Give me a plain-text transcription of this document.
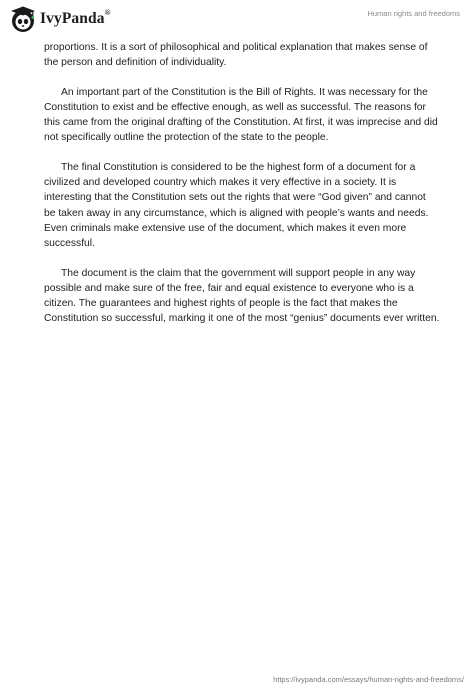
IvyPanda®	Human rights and freedoms

proportions. It is a sort of philosophical and political explanation that makes sense of the person and definition of individuality.

An important part of the Constitution is the Bill of Rights. It was necessary for the Constitution to exist and be effective enough, as well as successful. The reasons for this came from the original drafting of the Constitution. At first, it was imprecise and did not specifically outline the protection of the state to the people.

The final Constitution is considered to be the highest form of a document for a civilized and developed country which makes it very effective in a society. It is interesting that the Constitution sets out the rights that were “God given” and cannot be taken away in any circumstance, which is aligned with people’s wants and needs. Even criminals make extensive use of the document, which makes it even more successful.

The document is the claim that the government will support people in any way possible and make sure of the free, fair and equal existence to everyone who is a citizen. The guarantees and highest rights of people is the fact that makes the Constitution so successful, marking it one of the most “genius” documents ever written.

https://ivypanda.com/essays/human-rights-and-freedoms/
